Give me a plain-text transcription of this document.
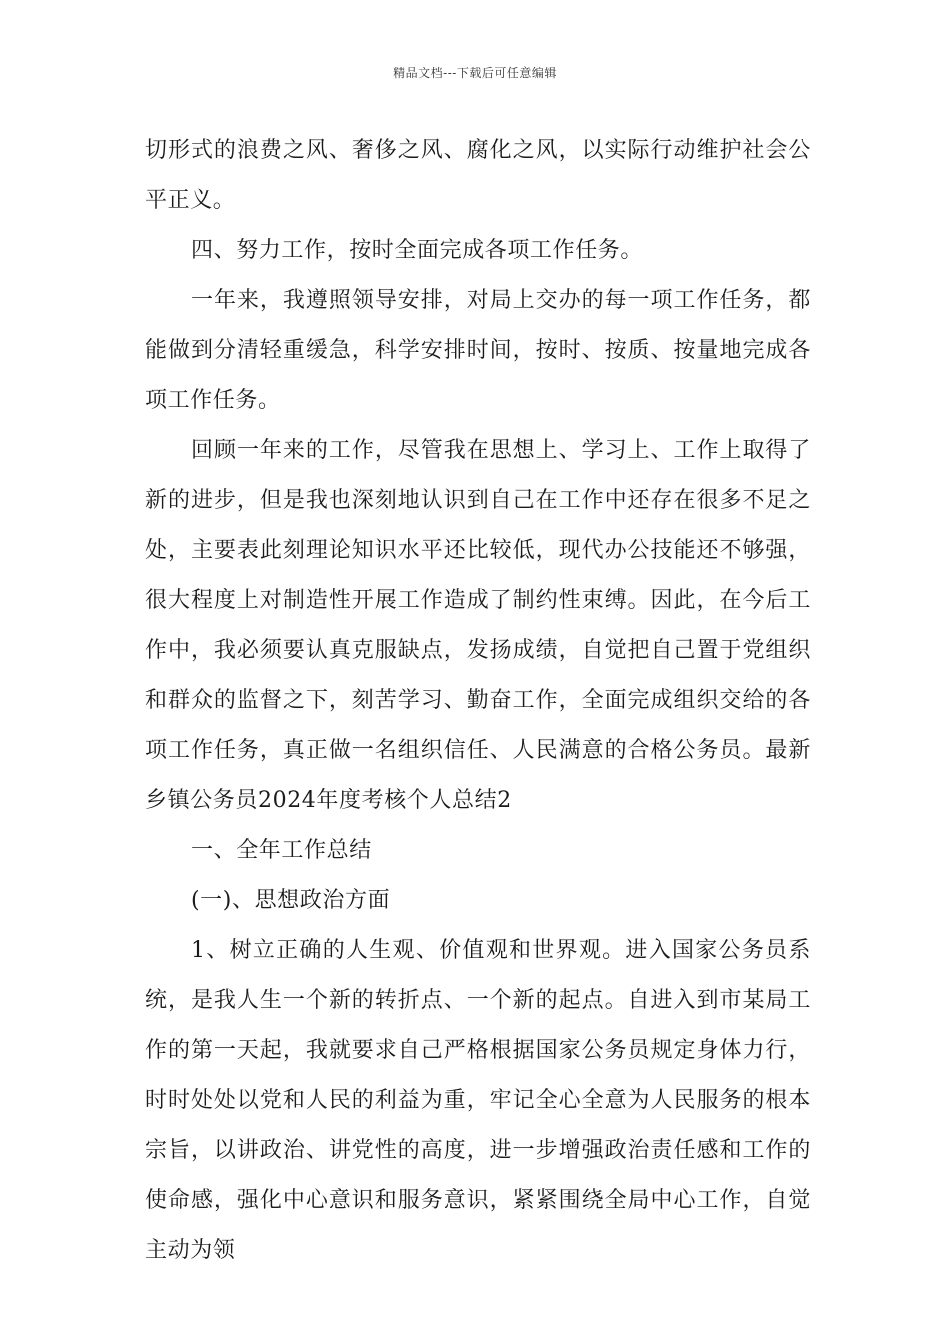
精品文档---下载后可任意编辑

切形式的浪费之风、奢侈之风、腐化之风，以实际行动维护社会公平正义。

四、努力工作，按时全面完成各项工作任务。

一年来，我遵照领导安排，对局上交办的每一项工作任务，都能做到分清轻重缓急，科学安排时间，按时、按质、按量地完成各项工作任务。

回顾一年来的工作，尽管我在思想上、学习上、工作上取得了新的进步，但是我也深刻地认识到自己在工作中还存在很多不足之处，主要表此刻理论知识水平还比较低，现代办公技能还不够强，很大程度上对制造性开展工作造成了制约性束缚。因此，在今后工作中，我必须要认真克服缺点，发扬成绩，自觉把自己置于党组织和群众的监督之下，刻苦学习、勤奋工作，全面完成组织交给的各项工作任务，真正做一名组织信任、人民满意的合格公务员。最新乡镇公务员2024年度考核个人总结2

一、全年工作总结

(一)、思想政治方面

1、树立正确的人生观、价值观和世界观。进入国家公务员系统，是我人生一个新的转折点、一个新的起点。自进入到市某局工作的第一天起，我就要求自己严格根据国家公务员规定身体力行，时时处处以党和人民的利益为重，牢记全心全意为人民服务的根本宗旨，以讲政治、讲党性的高度，进一步增强政治责任感和工作的使命感，强化中心意识和服务意识，紧紧围绕全局中心工作，自觉主动为领
